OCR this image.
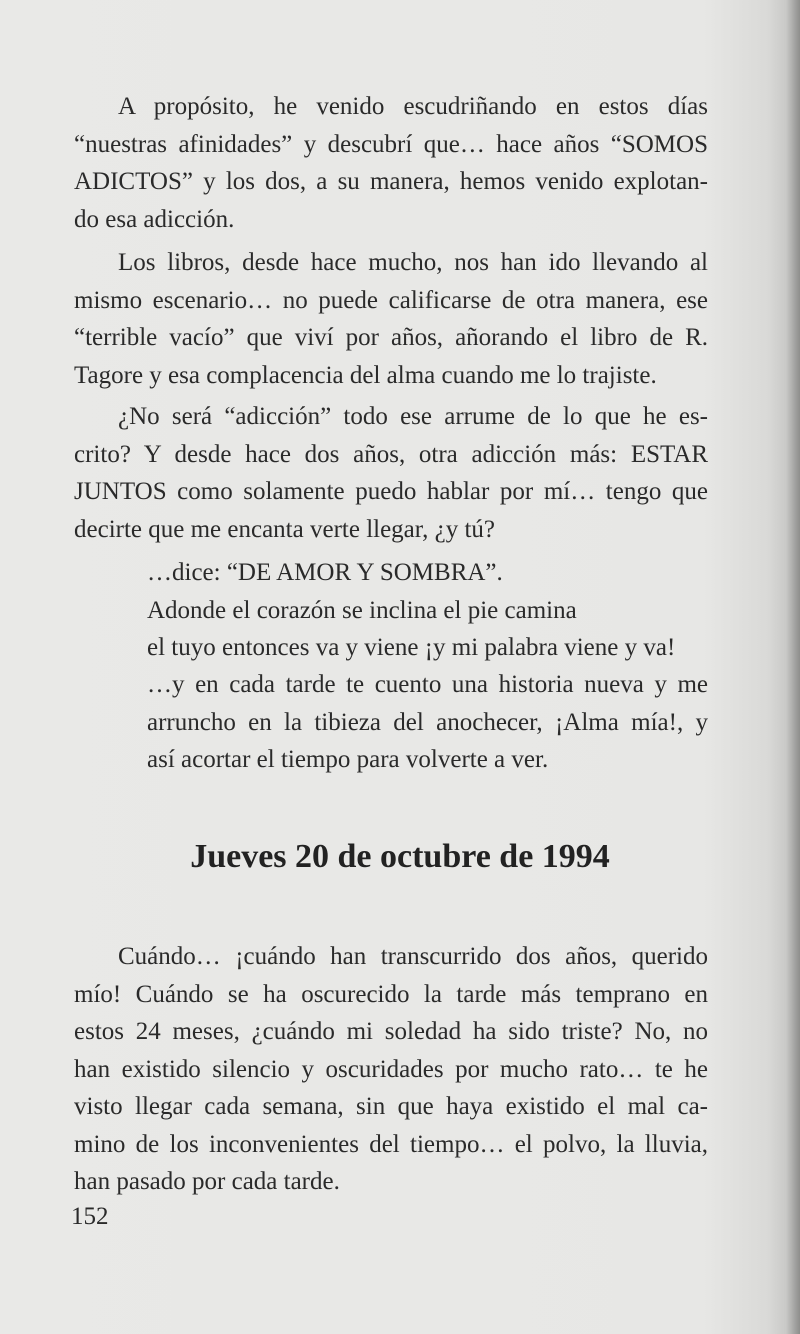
A propósito, he venido escudriñando en estos días
“nuestras afinidades” y descubrí que… hace años “SOMOS
ADICTOS” y los dos, a su manera, hemos venido explotan-
do esa adicción.
Los libros, desde hace mucho, nos han ido llevando al
mismo escenario… no puede calificarse de otra manera, ese
“terrible vacío” que viví por años, añorando el libro de R.
Tagore y esa complacencia del alma cuando me lo trajiste.
¿No será “adicción” todo ese arrume de lo que he es-
crito? Y desde hace dos años, otra adicción más: ESTAR
JUNTOS como solamente puedo hablar por mí… tengo que
decirte que me encanta verte llegar, ¿y tú?
…dice: “DE AMOR Y SOMBRA”.
Adonde el corazón se inclina el pie camina
el tuyo entonces va y viene ¡y mi palabra viene y va!
…y en cada tarde te cuento una historia nueva y me
arruncho en la tibieza del anochecer, ¡Alma mía!, y
así acortar el tiempo para volverte a ver.
Jueves 20 de octubre de 1994
Cuándo… ¡cuándo han transcurrido dos años, querido
mío! Cuándo se ha oscurecido la tarde más temprano en
estos 24 meses, ¿cuándo mi soledad ha sido triste? No, no
han existido silencio y oscuridades por mucho rato… te he
visto llegar cada semana, sin que haya existido el mal ca-
mino de los inconvenientes del tiempo… el polvo, la lluvia,
han pasado por cada tarde.
152
